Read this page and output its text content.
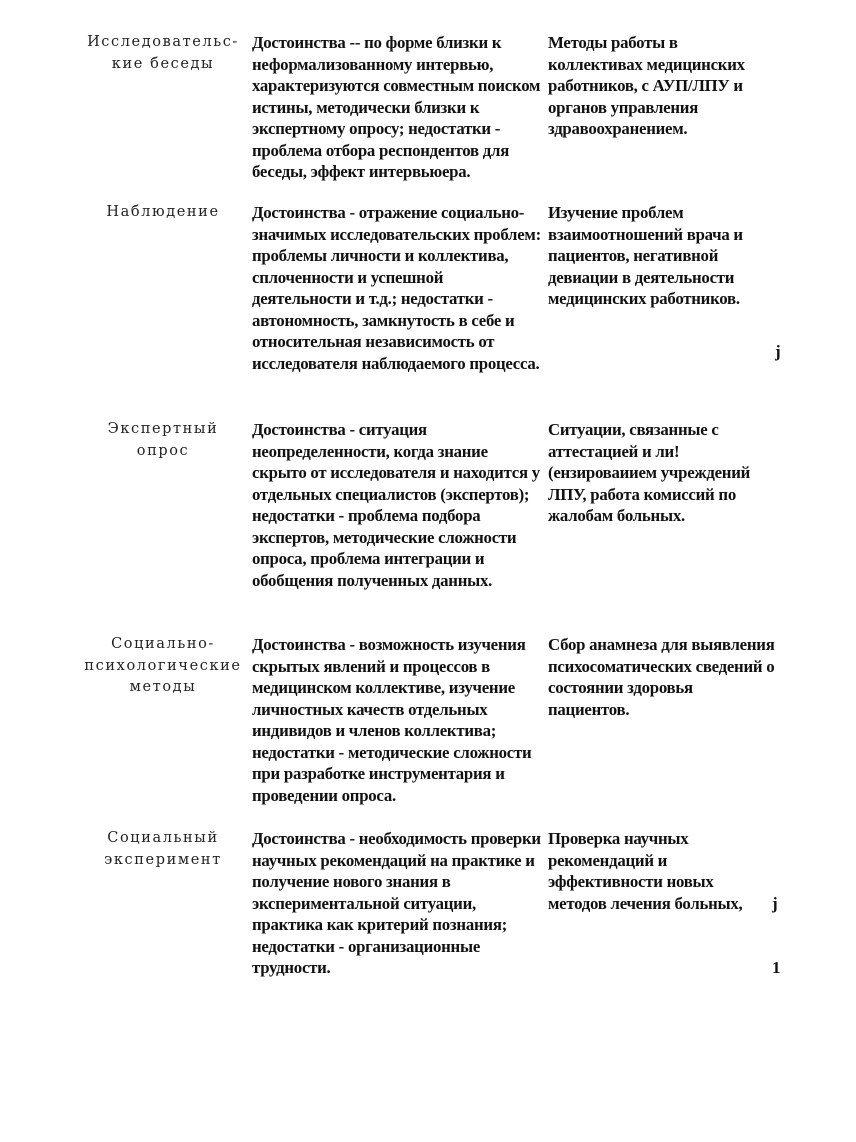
Исследовательс-кие беседы
Достоинства -- по форме близки к неформализованному интервью, характеризуются совместным поиском истины, методически близки к экспертному опросу; недостатки - проблема отбора респондентов для беседы, эффект интервьюера.
Методы работы в коллективах медицинских работников, с АУП/ЛПУ и органов управления здравоохранением.
Наблюдение	Достоинства - отражение социально- значимых исследовательских проблем: проблемы личности и коллектива, сплоченности и успешной деятельности и т.д.; недостатки - автономность, замкнутость в себе и относительная независимость от исследователя наблюдаемого процесса.
Изучение проблем взаимоотношений врача и пациентов, негативной девиации в деятельности медицинских работников.
Экспертный опрос
Достоинства - ситуация неопределенности, когда знание скрыто от исследователя и находится у отдельных специалистов (экспертов); недостатки - проблема подбора экспертов, методические сложности опроса, проблема интеграции и обобщения полученных данных.
Ситуации, связанные с аттестацией и ли!(ензироваиием учреждений ЛПУ, работа комиссий по жалобам больных.
Социально-психологические методы
Достоинства - возможность изучения скрытых явлений и процессов в медицинском коллективе, изучение личностных качеств отдельных индивидов и членов коллектива; недостатки - методические сложности при разработке инструментария и проведении опроса.
Сбор анамнеза для выявления психосоматических сведений о состоянии здоровья пациентов.
Социальный эксперимент
Достоинства - необходимость проверки научных рекомендаций на практике и получение нового знания в экспериментальной ситуации, практика как критерий познания; недостатки - организационные трудности.
Проверка научных рекомендаций и эффективности новых методов лечения больных,
j
j
1
